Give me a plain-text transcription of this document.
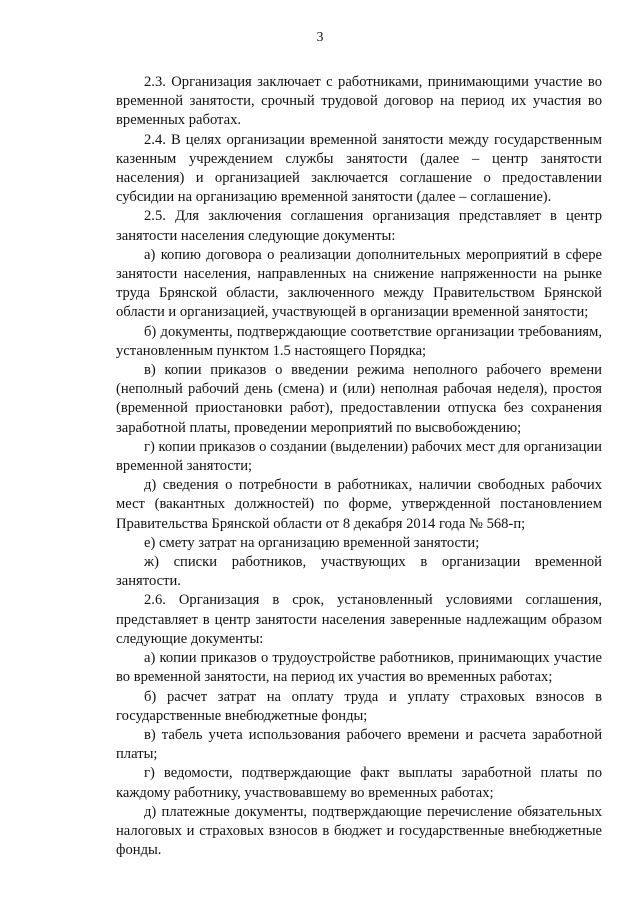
3

2.3. Организация заключает с работниками, принимающими участие во временной занятости, срочный трудовой договор на период их участия во временных работах.

2.4. В целях организации временной занятости между государственным казенным учреждением службы занятости (далее – центр занятости населения) и организацией заключается соглашение о предоставлении субсидии на организацию временной занятости (далее – соглашение).

2.5. Для заключения соглашения организация представляет в центр занятости населения следующие документы:

а) копию договора о реализации дополнительных мероприятий в сфере занятости населения, направленных на снижение напряженности на рынке труда Брянской области, заключенного между Правительством Брянской области и организацией, участвующей в организации временной занятости;

б) документы, подтверждающие соответствие организации требованиям, установленным пунктом 1.5 настоящего Порядка;

в) копии приказов о введении режима неполного рабочего времени (неполный рабочий день (смена) и (или) неполная рабочая неделя), простоя (временной приостановки работ), предоставлении отпуска без сохранения заработной платы, проведении мероприятий по высвобождению;

г) копии приказов о создании (выделении) рабочих мест для организации временной занятости;

д) сведения о потребности в работниках, наличии свободных рабочих мест (вакантных должностей) по форме, утвержденной постановлением Правительства Брянской области от 8 декабря 2014 года № 568-п;

е) смету затрат на организацию временной занятости;

ж) списки работников, участвующих в организации временной занятости.

2.6. Организация в срок, установленный условиями соглашения, представляет в центр занятости населения заверенные надлежащим образом следующие документы:

а) копии приказов о трудоустройстве работников, принимающих участие во временной занятости, на период их участия во временных работах;

б) расчет затрат на оплату труда и уплату страховых взносов в государственные внебюджетные фонды;

в) табель учета использования рабочего времени и расчета заработной платы;

г) ведомости, подтверждающие факт выплаты заработной платы по каждому работнику, участвовавшему во временных работах;

д) платежные документы, подтверждающие перечисление обязательных налоговых и страховых взносов в бюджет и государственные внебюджетные фонды.
